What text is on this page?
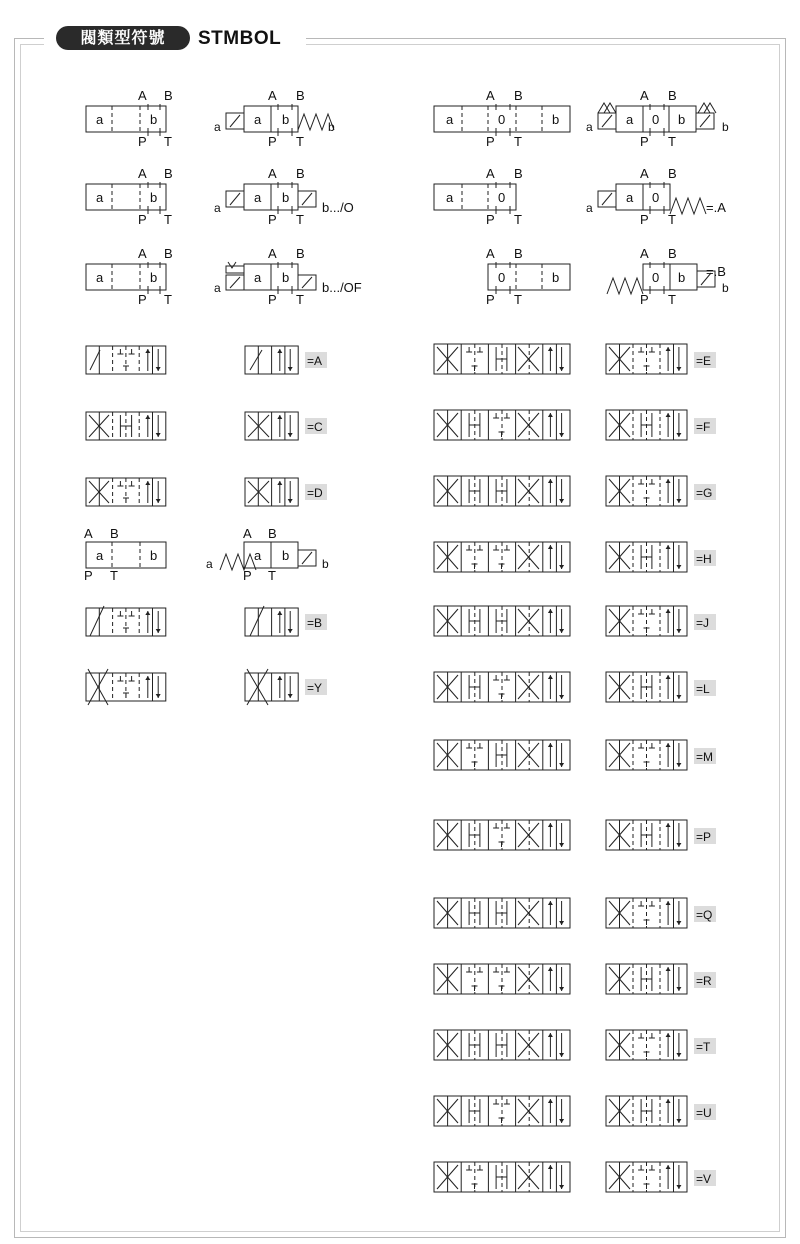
閥類型符號	STMBOL
a	b
A B
P T
a b
a	b
A B
P T
a	0	b
A B
P T
a 0 b
a	b
A B
P T
a	b
A B
P T
a b
a	b.../O
A B
P T
a	0
A B
P T
a 0
a	=.A
A B
P T
a	b
A B
P T
a b
a	b.../OF
A B
P T
0	b
A B
P T
0 b =.B
b
A B
P T
=A
=C
=D
=B
=Y
a	b
A B
P T
a b
a	b
A B
P T
=E
=F
=G
=H
=J
=L
=M
=P
=Q
=R
=T
=U
=V
